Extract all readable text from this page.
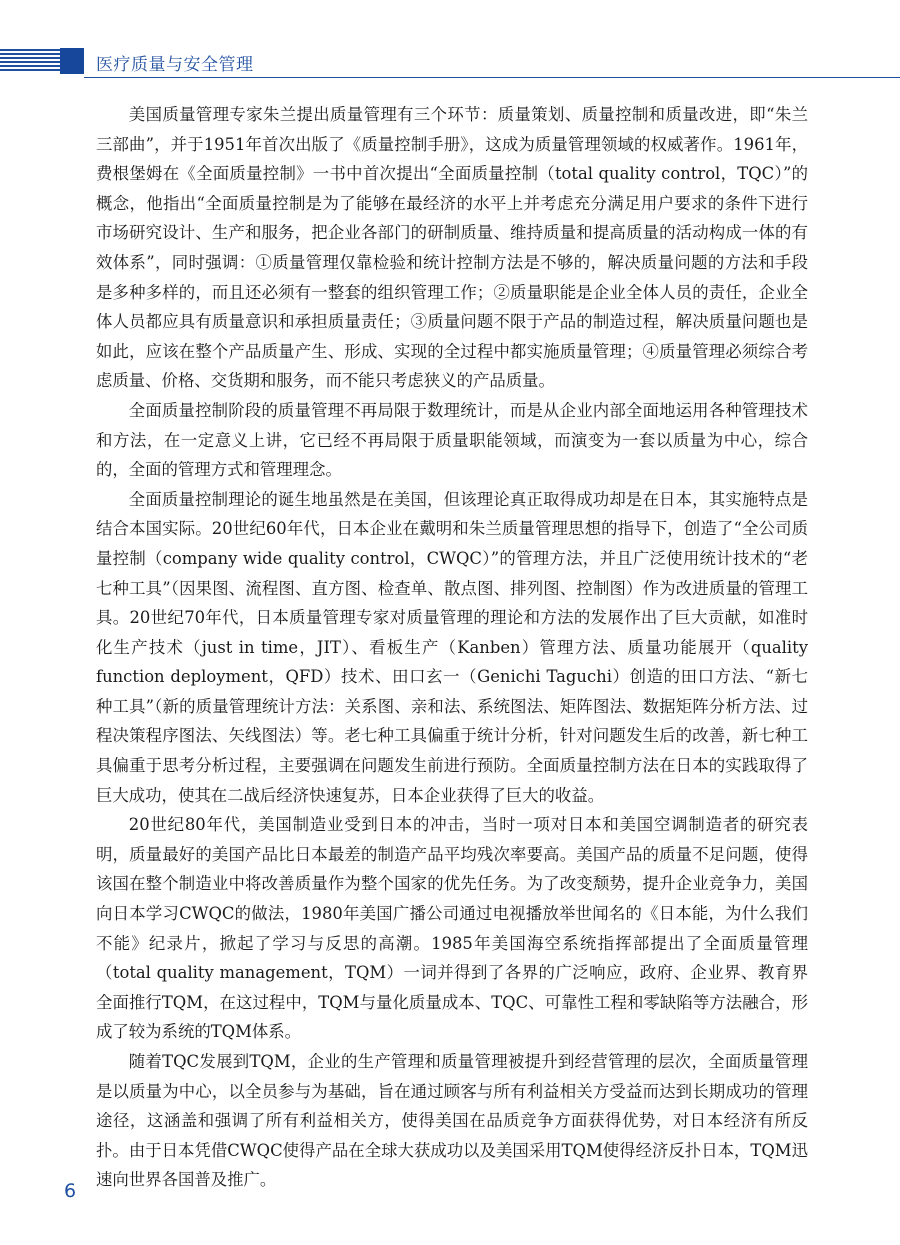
医疗质量与安全管理

美国质量管理专家朱兰提出质量管理有三个环节：质量策划、质量控制和质量改进，即“朱兰三部曲”，并于1951年首次出版了《质量控制手册》，这成为质量管理领域的权威著作。1961年，费根堡姆在《全面质量控制》一书中首次提出“全面质量控制（total quality control，TQC）”的概念，他指出“全面质量控制是为了能够在最经济的水平上并考虑充分满足用户要求的条件下进行市场研究设计、生产和服务，把企业各部门的研制质量、维持质量和提高质量的活动构成一体的有效体系”，同时强调：①质量管理仅靠检验和统计控制方法是不够的，解决质量问题的方法和手段是多种多样的，而且还必须有一整套的组织管理工作；②质量职能是企业全体人员的责任，企业全体人员都应具有质量意识和承担质量责任；③质量问题不限于产品的制造过程，解决质量问题也是如此，应该在整个产品质量产生、形成、实现的全过程中都实施质量管理；④质量管理必须综合考虑质量、价格、交货期和服务，而不能只考虑狭义的产品质量。

全面质量控制阶段的质量管理不再局限于数理统计，而是从企业内部全面地运用各种管理技术和方法，在一定意义上讲，它已经不再局限于质量职能领域，而演变为一套以质量为中心，综合的，全面的管理方式和管理理念。

全面质量控制理论的诞生地虽然是在美国，但该理论真正取得成功却是在日本，其实施特点是结合本国实际。20世纪60年代，日本企业在戴明和朱兰质量管理思想的指导下，创造了“全公司质量控制（company wide quality control，CWQC）”的管理方法，并且广泛使用统计技术的“老七种工具”（因果图、流程图、直方图、检查单、散点图、排列图、控制图）作为改进质量的管理工具。20世纪70年代，日本质量管理专家对质量管理的理论和方法的发展作出了巨大贡献，如准时化生产技术（just in time，JIT）、看板生产（Kanben）管理方法、质量功能展开（quality function deployment，QFD）技术、田口玄一（Genichi Taguchi）创造的田口方法、“新七种工具”（新的质量管理统计方法：关系图、亲和法、系统图法、矩阵图法、数据矩阵分析方法、过程决策程序图法、矢线图法）等。老七种工具偏重于统计分析，针对问题发生后的改善，新七种工具偏重于思考分析过程，主要强调在问题发生前进行预防。全面质量控制方法在日本的实践取得了巨大成功，使其在二战后经济快速复苏，日本企业获得了巨大的收益。

20世纪80年代，美国制造业受到日本的冲击，当时一项对日本和美国空调制造者的研究表明，质量最好的美国产品比日本最差的制造产品平均残次率要高。美国产品的质量不足问题，使得该国在整个制造业中将改善质量作为整个国家的优先任务。为了改变颓势，提升企业竞争力，美国向日本学习CWQC的做法，1980年美国广播公司通过电视播放举世闻名的《日本能，为什么我们不能》纪录片，掀起了学习与反思的高潮。1985年美国海空系统指挥部提出了全面质量管理（total quality management，TQM）一词并得到了各界的广泛响应，政府、企业界、教育界全面推行TQM，在这过程中，TQM与量化质量成本、TQC、可靠性工程和零缺陷等方法融合，形成了较为系统的TQM体系。

随着TQC发展到TQM，企业的生产管理和质量管理被提升到经营管理的层次，全面质量管理是以质量为中心，以全员参与为基础，旨在通过顾客与所有利益相关方受益而达到长期成功的管理途径，这涵盖和强调了所有利益相关方，使得美国在品质竞争方面获得优势，对日本经济有所反扑。由于日本凭借CWQC使得产品在全球大获成功以及美国采用TQM使得经济反扑日本，TQM迅速向世界各国普及推广。

6
